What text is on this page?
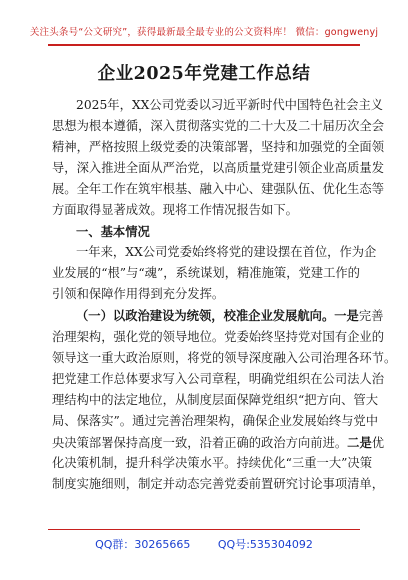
关注头条号“公文研究”，获得最新最全最专业的公文资料库！ 微信：gongwenyj
企业2025年党建工作总结
2025年，XX公司党委以习近平新时代中国特色社会主义
思想为根本遵循，深入贯彻落实党的二十大及二十届历次全会
精神，严格按照上级党委的决策部署，坚持和加强党的全面领
导，深入推进全面从严治党，以高质量党建引领企业高质量发
展。全年工作在筑牢根基、融入中心、建强队伍、优化生态等
方面取得显著成效。现将工作情况报告如下。
一、基本情况
一年来，XX公司党委始终将党的建设摆在首位，作为企
业发展的“根”与“魂”，系统谋划，精准施策，党建工作的
引领和保障作用得到充分发挥。
（一）以政治建设为统领，校准企业发展航向。一是完善
治理架构，强化党的领导地位。党委始终坚持党对国有企业的
领导这一重大政治原则，将党的领导深度融入公司治理各环节。
把党建工作总体要求写入公司章程，明确党组织在公司法人治
理结构中的法定地位，从制度层面保障党组织“把方向、管大
局、保落实”。通过完善治理架构，确保企业发展始终与党中
央决策部署保持高度一致，沿着正确的政治方向前进。二是优
化决策机制，提升科学决策水平。持续优化“三重一大”决策
制度实施细则，制定并动态完善党委前置研究讨论事项清单，
QQ群：30265665	QQ号:535304092
